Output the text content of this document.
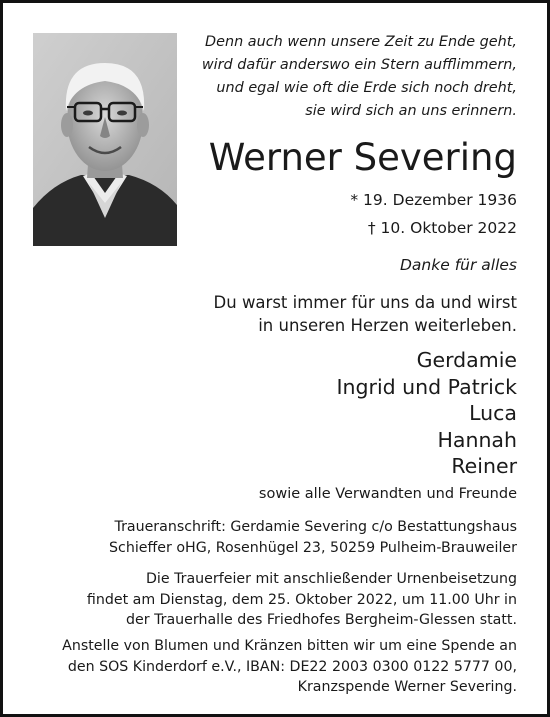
Denn auch wenn unsere Zeit zu Ende geht,
wird dafür anderswo ein Stern aufflimmern,
und egal wie oft die Erde sich noch dreht,
sie wird sich an uns erinnern.
Werner Severing
* 19. Dezember 1936
† 10. Oktober 2022
Danke für alles
Du warst immer für uns da und wirst
in unseren Herzen weiterleben.
Gerdamie
Ingrid und Patrick
Luca
Hannah
Reiner
sowie alle Verwandten und Freunde
Traueranschrift: Gerdamie Severing c/o Bestattungshaus
Schieffer oHG, Rosenhügel 23, 50259 Pulheim-Brauweiler
Die Trauerfeier mit anschließender Urnenbeisetzung
findet am Dienstag, dem 25. Oktober 2022, um 11.00 Uhr in
der Trauerhalle des Friedhofes Bergheim-Glessen statt.
Anstelle von Blumen und Kränzen bitten wir um eine Spende an
den SOS Kinderdorf e.V., IBAN: DE22 2003 0300 0122 5777 00,
Kranzspende Werner Severing.
